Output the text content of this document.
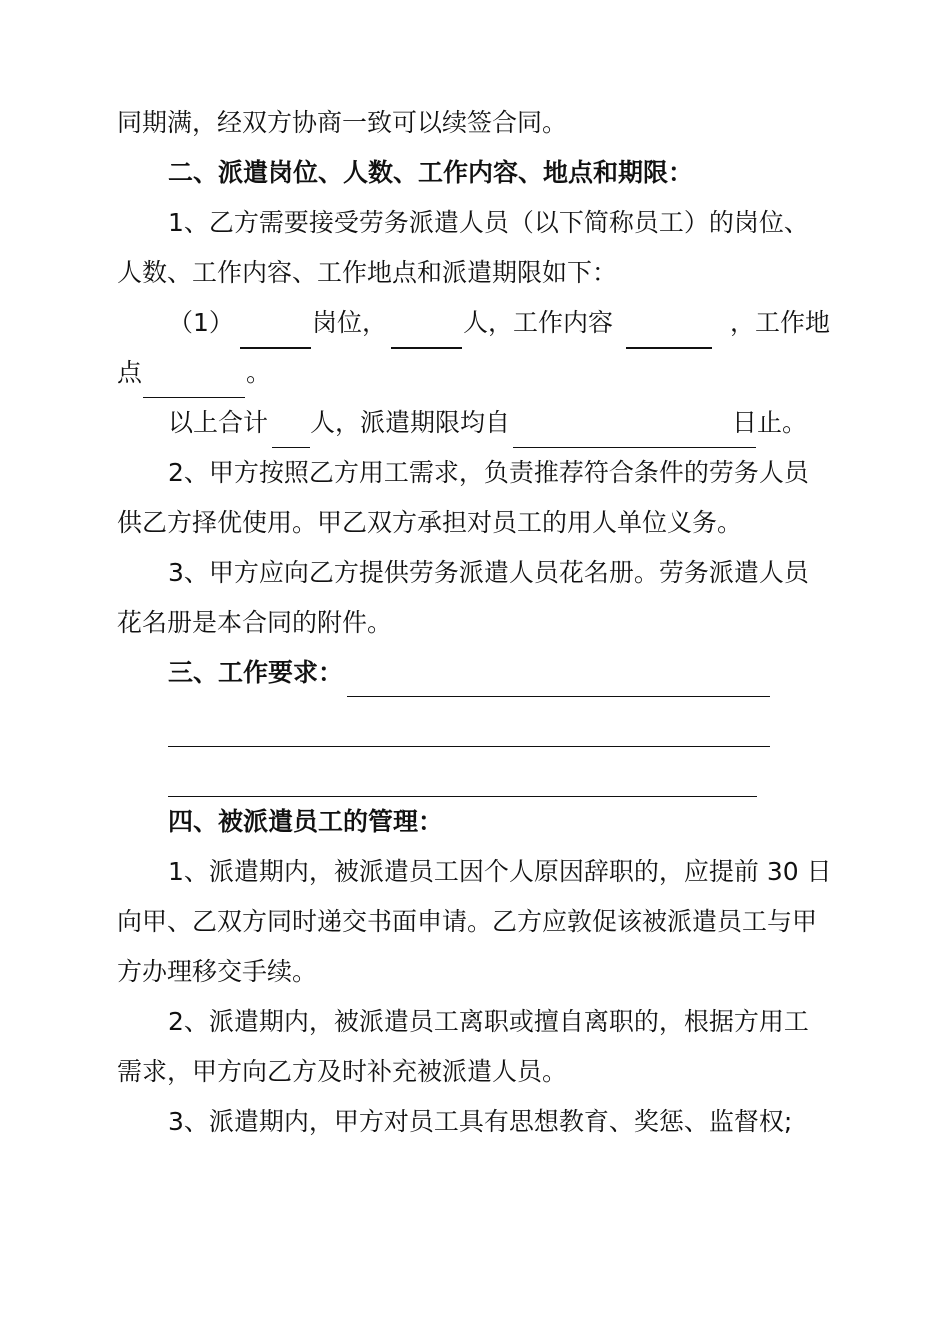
同期满，经双方协商一致可以续签合同。
二、派遣岗位、人数、工作内容、地点和期限：
1、乙方需要接受劳务派遣人员（以下简称员工）的岗位、
人数、工作内容、工作地点和派遣期限如下：
（1）	岗位，	人，工作内容	，工作地
点	。
以上合计 人，派遣期限均自	日止。
2、甲方按照乙方用工需求，负责推荐符合条件的劳务人员
供乙方择优使用。甲乙双方承担对员工的用人单位义务。
3、甲方应向乙方提供劳务派遣人员花名册。劳务派遣人员
花名册是本合同的附件。
三、工作要求：
四、被派遣员工的管理：
1、派遣期内，被派遣员工因个人原因辞职的，应提前 30 日
向甲、乙双方同时递交书面申请。乙方应敦促该被派遣员工与甲
方办理移交手续。
2、派遣期内，被派遣员工离职或擅自离职的，根据方用工
需求，甲方向乙方及时补充被派遣人员。
3、派遣期内，甲方对员工具有思想教育、奖惩、监督权;
